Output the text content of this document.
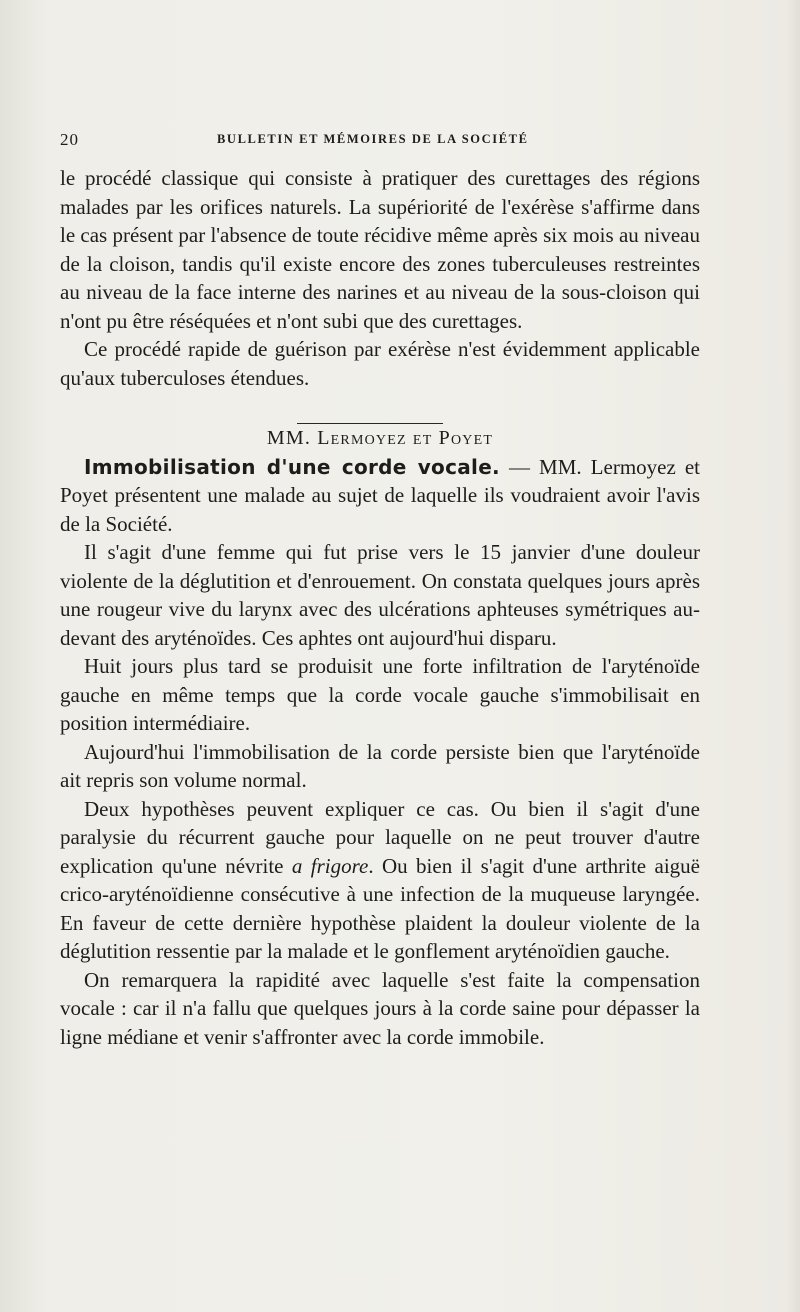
20	BULLETIN ET MÉMOIRES DE LA SOCIÉTÉ

le procédé classique qui consiste à pratiquer des curettages des régions malades par les orifices naturels. La supériorité de l'exérèse s'affirme dans le cas présent par l'absence de toute récidive même après six mois au niveau de la cloison, tandis qu'il existe encore des zones tuberculeuses restreintes au niveau de la face interne des narines et au niveau de la sous-cloison qui n'ont pu être réséquées et n'ont subi que des curettages.

Ce procédé rapide de guérison par exérèse n'est évidemment applicable qu'aux tuberculoses étendues.

MM. Lermoyez et Poyet

Immobilisation d'une corde vocale. — MM. Lermoyez et Poyet présentent une malade au sujet de laquelle ils voudraient avoir l'avis de la Société.

Il s'agit d'une femme qui fut prise vers le 15 janvier d'une douleur violente de la déglutition et d'enrouement. On constata quelques jours après une rougeur vive du larynx avec des ulcérations aphteuses symétriques au-devant des aryténoïdes. Ces aphtes ont aujourd'hui disparu.

Huit jours plus tard se produisit une forte infiltration de l'aryténoïde gauche en même temps que la corde vocale gauche s'immobilisait en position intermédiaire.

Aujourd'hui l'immobilisation de la corde persiste bien que l'aryténoïde ait repris son volume normal.

Deux hypothèses peuvent expliquer ce cas. Ou bien il s'agit d'une paralysie du récurrent gauche pour laquelle on ne peut trouver d'autre explication qu'une névrite a frigore. Ou bien il s'agit d'une arthrite aiguë crico-aryténoïdienne consécutive à une infection de la muqueuse laryngée. En faveur de cette dernière hypothèse plaident la douleur violente de la déglutition ressentie par la malade et le gonflement aryténoïdien gauche.

On remarquera la rapidité avec laquelle s'est faite la compensation vocale : car il n'a fallu que quelques jours à la corde saine pour dépasser la ligne médiane et venir s'affronter avec la corde immobile.
